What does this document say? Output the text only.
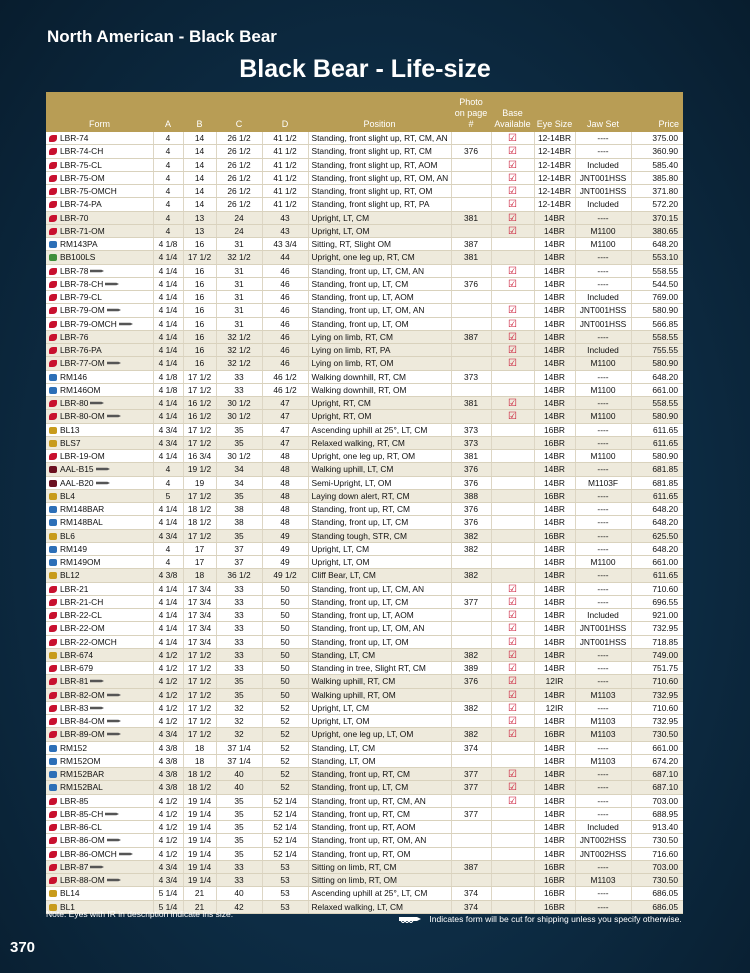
North American - Black Bear
Black Bear - Life-size
Form	A	B	C	D	Position	Photo on page #	Base Available	Eye Size	Jaw Set	Price
LBR-74	4	14	26 1/2	41 1/2	Standing, front slight up, RT, CM, AN		☑	12-14BR	----	375.00
LBR-74-CH	4	14	26 1/2	41 1/2	Standing, front slight up, RT, CM	376	☑	12-14BR	----	360.90
LBR-75-CL	4	14	26 1/2	41 1/2	Standing, front slight up, RT, AOM		☑	12-14BR	Included	585.40
LBR-75-OM	4	14	26 1/2	41 1/2	Standing, front slight up, RT, OM, AN		☑	12-14BR	JNT001HSS	385.80
LBR-75-OMCH	4	14	26 1/2	41 1/2	Standing, front slight up, RT, OM		☑	12-14BR	JNT001HSS	371.80
LBR-74-PA	4	14	26 1/2	41 1/2	Standing, front slight up, RT, PA		☑	12-14BR	Included	572.20
LBR-70	4	13	24	43	Upright, LT, CM	381	☑	14BR	----	370.15
LBR-71-OM	4	13	24	43	Upright, LT, OM		☑	14BR	M1100	380.65
RM143PA	4 1/8	16	31	43 3/4	Sitting, RT, Slight OM	387		14BR	M1100	648.20
BB100LS	4 1/4	17 1/2	32 1/2	44	Upright, one leg up, RT, CM	381		14BR	----	553.10
LBR-78	4 1/4	16	31	46	Standing, front up, LT, CM, AN		☑	14BR	----	558.55
LBR-78-CH	4 1/4	16	31	46	Standing, front up, LT, CM	376	☑	14BR	----	544.50
LBR-79-CL	4 1/4	16	31	46	Standing, front up, LT, AOM			14BR	Included	769.00
LBR-79-OM	4 1/4	16	31	46	Standing, front up, LT, OM, AN		☑	14BR	JNT001HSS	580.90
LBR-79-OMCH	4 1/4	16	31	46	Standing, front up, LT, OM		☑	14BR	JNT001HSS	566.85
LBR-76	4 1/4	16	32 1/2	46	Lying on limb, RT, CM	387	☑	14BR	----	558.55
LBR-76-PA	4 1/4	16	32 1/2	46	Lying on limb, RT, PA		☑	14BR	Included	755.55
LBR-77-OM	4 1/4	16	32 1/2	46	Lying on limb, RT, OM		☑	14BR	M1100	580.90
RM146	4 1/8	17 1/2	33	46 1/2	Walking downhill, RT, CM	373		14BR	----	648.20
RM146OM	4 1/8	17 1/2	33	46 1/2	Walking downhill, RT, OM			14BR	M1100	661.00
LBR-80	4 1/4	16 1/2	30 1/2	47	Upright, RT, CM	381	☑	14BR	----	558.55
LBR-80-OM	4 1/4	16 1/2	30 1/2	47	Upright, RT, OM		☑	14BR	M1100	580.90
BL13	4 3/4	17 1/2	35	47	Ascending uphill at 25°, LT, CM	373		16BR	----	611.65
BLS7	4 3/4	17 1/2	35	47	Relaxed walking, RT, CM	373		16BR	----	611.65
LBR-19-OM	4 1/4	16 3/4	30 1/2	48	Upright, one leg up, RT, OM	381		14BR	M1100	580.90
AAL-B15	4	19 1/2	34	48	Walking uphill, LT, CM	376		14BR	----	681.85
AAL-B20	4	19	34	48	Semi-Upright, LT, OM	376		14BR	M1103F	681.85
BL4	5	17 1/2	35	48	Laying down alert, RT, CM	388		16BR	----	611.65
RM148BAR	4 1/4	18 1/2	38	48	Standing, front up, RT, CM	376		14BR	----	648.20
RM148BAL	4 1/4	18 1/2	38	48	Standing, front up, LT, CM	376		14BR	----	648.20
BL6	4 3/4	17 1/2	35	49	Standing tough, STR, CM	382		16BR	----	625.50
RM149	4	17	37	49	Upright, LT, CM	382		14BR	----	648.20
RM149OM	4	17	37	49	Upright, LT, OM			14BR	M1100	661.00
BL12	4 3/8	18	36 1/2	49 1/2	Cliff Bear, LT, CM	382		14BR	----	611.65
LBR-21	4 1/4	17 3/4	33	50	Standing, front up, LT, CM, AN		☑	14BR	----	710.60
LBR-21-CH	4 1/4	17 3/4	33	50	Standing, front up, LT, CM	377	☑	14BR	----	696.55
LBR-22-CL	4 1/4	17 3/4	33	50	Standing, front up, LT, AOM		☑	14BR	Included	921.00
LBR-22-OM	4 1/4	17 3/4	33	50	Standing, front up, LT, OM, AN		☑	14BR	JNT001HSS	732.95
LBR-22-OMCH	4 1/4	17 3/4	33	50	Standing, front up, LT, OM		☑	14BR	JNT001HSS	718.85
LBR-674	4 1/2	17 1/2	33	50	Standing, LT, CM	382	☑	14BR	----	749.00
LBR-679	4 1/2	17 1/2	33	50	Standing in tree, Slight RT, CM	389	☑	14BR	----	751.75
LBR-81	4 1/2	17 1/2	35	50	Walking uphill, RT, CM	376	☑	12IR	----	710.60
LBR-82-OM	4 1/2	17 1/2	35	50	Walking uphill, RT, OM		☑	14BR	M1103	732.95
LBR-83	4 1/2	17 1/2	32	52	Upright, LT, CM	382	☑	12IR	----	710.60
LBR-84-OM	4 1/2	17 1/2	32	52	Upright, LT, OM		☑	14BR	M1103	732.95
LBR-89-OM	4 3/4	17 1/2	32	52	Upright, one leg up, LT, OM	382	☑	16BR	M1103	730.50
RM152	4 3/8	18	37 1/4	52	Standing, LT, CM	374		14BR	----	661.00
RM152OM	4 3/8	18	37 1/4	52	Standing, LT, OM			14BR	M1103	674.20
RM152BAR	4 3/8	18 1/2	40	52	Standing, front up, RT, CM	377	☑	14BR	----	687.10
RM152BAL	4 3/8	18 1/2	40	52	Standing, front up, LT, CM	377	☑	14BR	----	687.10
LBR-85	4 1/2	19 1/4	35	52 1/4	Standing, front up, RT, CM, AN		☑	14BR	----	703.00
LBR-85-CH	4 1/2	19 1/4	35	52 1/4	Standing, front up, RT, CM	377		14BR	----	688.95
LBR-86-CL	4 1/2	19 1/4	35	52 1/4	Standing, front up, RT, AOM			14BR	Included	913.40
LBR-86-OM	4 1/2	19 1/4	35	52 1/4	Standing, front up, RT, OM, AN			14BR	JNT002HSS	730.50
LBR-86-OMCH	4 1/2	19 1/4	35	52 1/4	Standing, front up, RT, OM			14BR	JNT002HSS	716.60
LBR-87	4 3/4	19 1/4	33	53	Sitting on limb, RT, CM	387		16BR	----	703.00
LBR-88-OM	4 3/4	19 1/4	33	53	Sitting on limb, RT, OM			16BR	M1103	730.50
BL14	5 1/4	21	40	53	Ascending uphill at 25°, LT, CM	374		16BR	----	686.05
BL1	5 1/4	21	42	53	Relaxed walking, LT, CM	374		16BR	----	686.05
Note: Eyes with IR in description indicate iris size.	Indicates form will be cut for shipping unless you specify otherwise.
370
